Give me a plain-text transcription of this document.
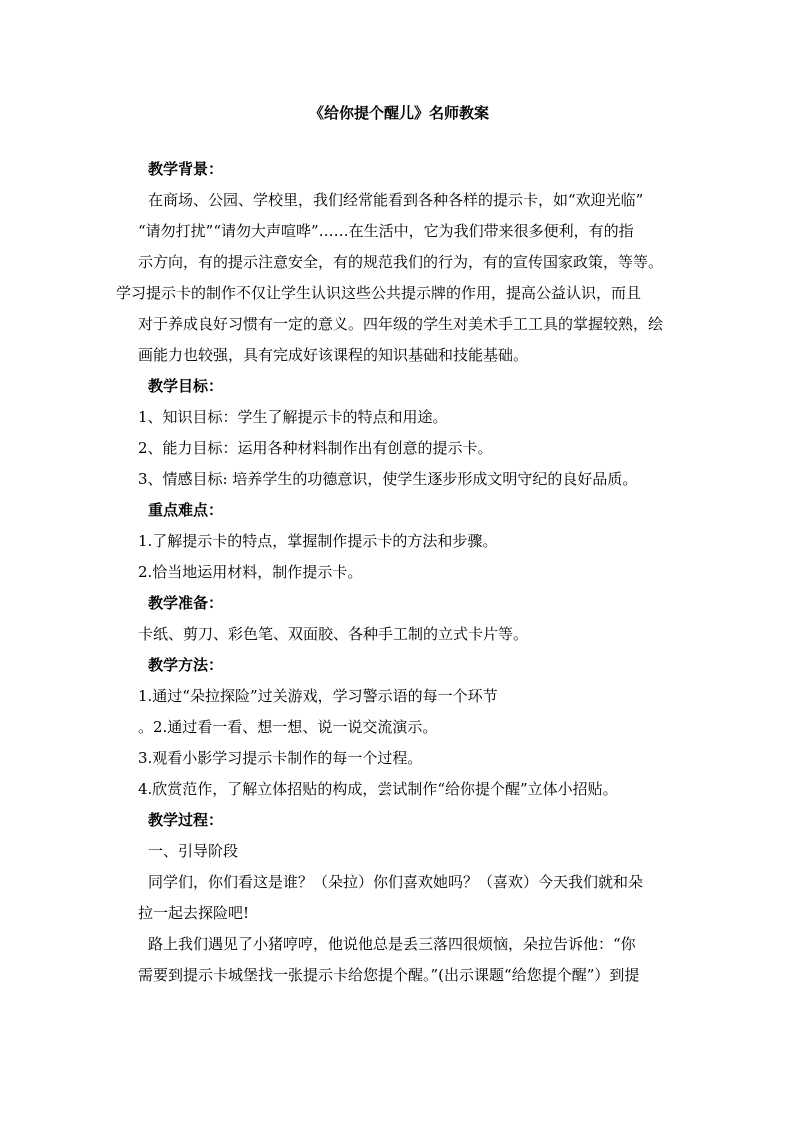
《给你提个醒儿》名师教案
教学背景：
在商场、公园、学校里，我们经常能看到各种各样的提示卡，如“欢迎光临”
“请勿打扰”“请勿大声喧哗”……在生活中，它为我们带来很多便利，有的指
示方向，有的提示注意安全，有的规范我们的行为，有的宣传国家政策，等等。
学习提示卡的制作不仅让学生认识这些公共提示牌的作用，提高公益认识，而且
对于养成良好习惯有一定的意义。四年级的学生对美术手工工具的掌握较熟，绘
画能力也较强，具有完成好该课程的知识基础和技能基础。
教学目标：
1、知识目标：学生了解提示卡的特点和用途。
2、能力目标：运用各种材料制作出有创意的提示卡。
3、情感目标: 培养学生的功德意识，使学生逐步形成文明守纪的良好品质。
重点难点：
1.了解提示卡的特点，掌握制作提示卡的方法和步骤。
2.恰当地运用材料，制作提示卡。
教学准备：
卡纸、剪刀、彩色笔、双面胶、各种手工制的立式卡片等。
教学方法：
1.通过“朵拉探险”过关游戏，学习警示语的每一个环节
。2.通过看一看、想一想、说一说交流演示。
3.观看小影学习提示卡制作的每一个过程。
4.欣赏范作，了解立体招贴的构成，尝试制作“给你提个醒”立体小招贴。
教学过程：
一、引导阶段
同学们，你们看这是谁？（朵拉）你们喜欢她吗？（喜欢）今天我们就和朵
拉一起去探险吧!
路上我们遇见了小猪哼哼，他说他总是丢三落四很烦恼，朵拉告诉他：“你
需要到提示卡城堡找一张提示卡给您提个醒。”(出示课题“给您提个醒”）到提
